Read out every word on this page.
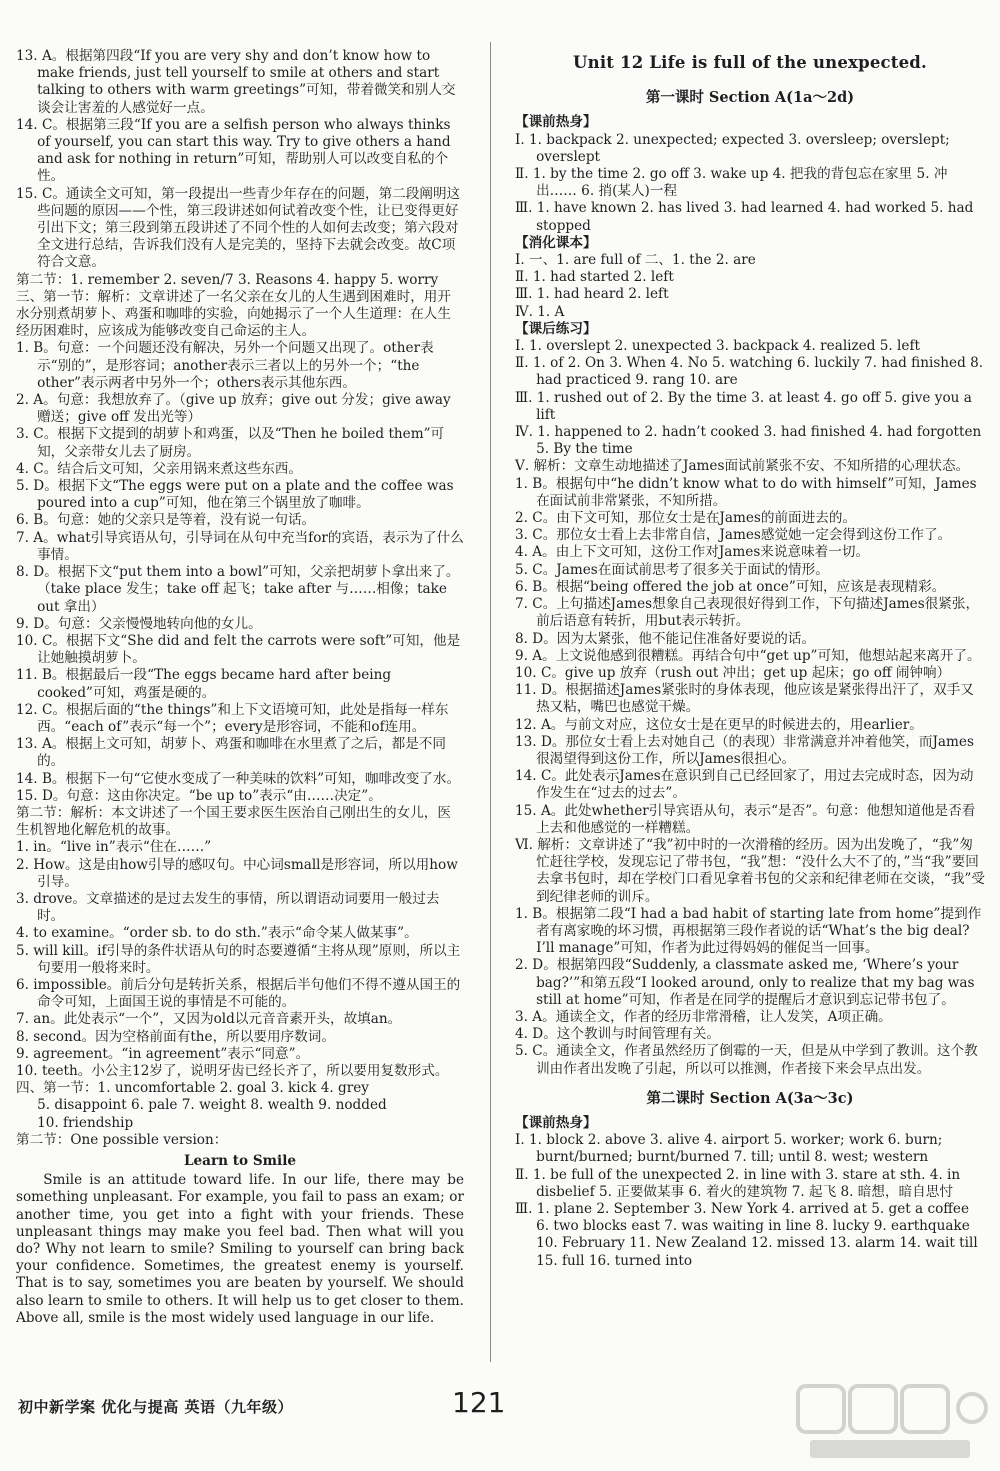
13. A。根据第四段“If you are very shy and don’t know how to make friends, just tell yourself to smile at others and start talking to others with warm greetings”可知，带着微笑和别人交谈会让害羞的人感觉好一点。

14. C。根据第三段“If you are a selfish person who always thinks of yourself, you can start this way. Try to give others a hand and ask for nothing in return”可知，帮助别人可以改变自私的个性。

15. C。通读全文可知，第一段提出一些青少年存在的问题，第二段阐明这些问题的原因——个性，第三段讲述如何试着改变个性，让已变得更好引出下文；第三段到第五段讲述了不同个性的人如何去改变；第六段对全文进行总结，告诉我们没有人是完美的，坚持下去就会改变。故C项符合文意。

第二节：1. remember 2. seven/7 3. Reasons 4. happy 5. worry

三、第一节：解析：文章讲述了一名父亲在女儿的人生遇到困难时，用开水分别煮胡萝卜、鸡蛋和咖啡的实验，向她揭示了一个人生道理：在人生经历困难时，应该成为能够改变自己命运的主人。

1. B。句意：一个问题还没有解决，另外一个问题又出现了。other表示“别的”，是形容词；another表示三者以上的另外一个；“the other”表示两者中另外一个；others表示其他东西。

2. A。句意：我想放弃了。（give up 放弃；give out 分发；give away 赠送；give off 发出光等）

3. C。根据下文提到的胡萝卜和鸡蛋，以及“Then he boiled them”可知，父亲带女儿去了厨房。

4. C。结合后文可知，父亲用锅来煮这些东西。

5. D。根据下文“The eggs were put on a plate and the coffee was poured into a cup”可知，他在第三个锅里放了咖啡。

6. B。句意：她的父亲只是等着，没有说一句话。

7. A。what引导宾语从句，引导词在从句中充当for的宾语，表示为了什么事情。

8. D。根据下文“put them into a bowl”可知，父亲把胡萝卜拿出来了。（take place 发生；take off 起飞；take after 与……相像；take out 拿出）

9. D。句意：父亲慢慢地转向他的女儿。

10. C。根据下文“She did and felt the carrots were soft”可知，他是让她触摸胡萝卜。

11. B。根据最后一段“The eggs became hard after being cooked”可知，鸡蛋是硬的。

12. C。根据后面的“the things”和上下文语境可知，此处是指每一样东西。“each of”表示“每一个”；every是形容词，不能和of连用。

13. A。根据上文可知，胡萝卜、鸡蛋和咖啡在水里煮了之后，都是不同的。

14. B。根据下一句“它使水变成了一种美味的饮料”可知，咖啡改变了水。

15. D。句意：这由你决定。“be up to”表示“由……决定”。

第二节：解析：本文讲述了一个国王要求医生医治自己刚出生的女儿，医生机智地化解危机的故事。

1. in。“live in”表示“住在……”

2. How。这是由how引导的感叹句。中心词small是形容词，所以用how引导。

3. drove。文章描述的是过去发生的事情，所以谓语动词要用一般过去时。

4. to examine。“order sb. to do sth.”表示“命令某人做某事”。

5. will kill。if引导的条件状语从句的时态要遵循“主将从现”原则，所以主句要用一般将来时。

6. impossible。前后分句是转折关系，根据后半句他们不得不遵从国王的命令可知，上面国王说的事情是不可能的。

7. an。此处表示“一个”，又因为old以元音音素开头，故填an。

8. second。因为空格前面有the，所以要用序数词。

9. agreement。“in agreement”表示“同意”。

10. teeth。小公主12岁了，说明牙齿已经长齐了，所以要用复数形式。

四、第一节：1. uncomfortable 2. goal 3. kick 4. grey

5. disappoint 6. pale 7. weight 8. wealth 9. nodded

10. friendship

第二节：One possible version：

Learn to Smile

Smile is an attitude toward life. In our life, there may be something unpleasant. For example, you fail to pass an exam; or another time, you get into a fight with your friends. These unpleasant things may make you feel bad. Then what will you do? Why not learn to smile? Smiling to yourself can bring back your confidence. Sometimes, the greatest enemy is yourself. That is to say, sometimes you are beaten by yourself. We should also learn to smile to others. It will help us to get closer to them. Above all, smile is the most widely used language in our life.

Unit 12 Life is full of the unexpected.
第一课时 Section A(1a～2d)

【课前热身】

Ⅰ. 1. backpack 2. unexpected; expected 3. oversleep; overslept; overslept

Ⅱ. 1. by the time 2. go off 3. wake up 4. 把我的背包忘在家里 5. 冲出…… 6. 捎(某人)一程

Ⅲ. 1. have known 2. has lived 3. had learned 4. had worked 5. had stopped

【消化课本】

Ⅰ. 一、1. are full of 二、1. the 2. are

Ⅱ. 1. had started 2. left

Ⅲ. 1. had heard 2. left

Ⅳ. 1. A

【课后练习】

Ⅰ. 1. overslept 2. unexpected 3. backpack 4. realized 5. left

Ⅱ. 1. of 2. On 3. When 4. No 5. watching 6. luckily 7. had finished 8. had practiced 9. rang 10. are

Ⅲ. 1. rushed out of 2. By the time 3. at least 4. go off 5. give you a lift

Ⅳ. 1. happened to 2. hadn’t cooked 3. had finished 4. had forgotten 5. By the time

Ⅴ. 解析：文章生动地描述了James面试前紧张不安、不知所措的心理状态。

1. B。根据句中“he didn’t know what to do with himself”可知，James在面试前非常紧张，不知所措。

2. C。由下文可知，那位女士是在James的前面进去的。

3. C。那位女士看上去非常自信，James感觉她一定会得到这份工作了。

4. A。由上下文可知，这份工作对James来说意味着一切。

5. C。James在面试前思考了很多关于面试的情形。

6. B。根据“being offered the job at once”可知，应该是表现精彩。

7. C。上句描述James想象自己表现很好得到工作，下句描述James很紧张，前后语意有转折，用but表示转折。

8. D。因为太紧张，他不能记住准备好要说的话。

9. A。上文说他感到很糟糕。再结合句中“get up”可知，他想站起来离开了。

10. C。give up 放弃（rush out 冲出；get up 起床；go off 闹钟响）

11. D。根据描述James紧张时的身体表现，他应该是紧张得出汗了，双手又热又粘，嘴巴也感觉干燥。

12. A。与前文对应，这位女士是在更早的时候进去的，用earlier。

13. D。那位女士看上去对她自己（的表现）非常满意并冲着他笑，而James很渴望得到这份工作，所以James很担心。

14. C。此处表示James在意识到自己已经回家了，用过去完成时态，因为动作发生在“过去的过去”。

15. A。此处whether引导宾语从句，表示“是否”。句意：他想知道他是否看上去和他感觉的一样糟糕。

Ⅵ. 解析：文章讲述了“我”初中时的一次滑稽的经历。因为出发晚了，“我”匆忙赶往学校，发现忘记了带书包，“我”想：“没什么大不了的，”当“我”要回去拿书包时，却在学校门口看见拿着书包的父亲和纪律老师在交谈，“我”受到纪律老师的训斥。

1. B。根据第二段“I had a bad habit of starting late from home”提到作者有离家晚的坏习惯，再根据第三段作者说的话“What’s the big deal? I’ll manage”可知，作者为此过得妈妈的催促当一回事。

2. D。根据第四段“Suddenly, a classmate asked me, ‘Where’s your bag?’”和第五段“I looked around, only to realize that my bag was still at home”可知，作者是在同学的提醒后才意识到忘记带书包了。

3. A。通读全文，作者的经历非常滑稽，让人发笑，A项正确。

4. D。这个教训与时间管理有关。

5. C。通读全文，作者虽然经历了倒霉的一天，但是从中学到了教训。这个教训由作者出发晚了引起，所以可以推测，作者接下来会早点出发。

第二课时 Section A(3a～3c)

【课前热身】

Ⅰ. 1. block 2. above 3. alive 4. airport 5. worker; work 6. burn; burnt/burned; burnt/burned 7. till; until 8. west; western

Ⅱ. 1. be full of the unexpected 2. in line with 3. stare at sth. 4. in disbelief 5. 正要做某事 6. 着火的建筑物 7. 起飞 8. 暗想，暗自思忖

Ⅲ. 1. plane 2. September 3. New York 4. arrived at 5. get a coffee 6. two blocks east 7. was waiting in line 8. lucky 9. earthquake 10. February 11. New Zealand 12. missed 13. alarm 14. wait till 15. full 16. turned into

初中新学案 优化与提高 英语（九年级）	121
